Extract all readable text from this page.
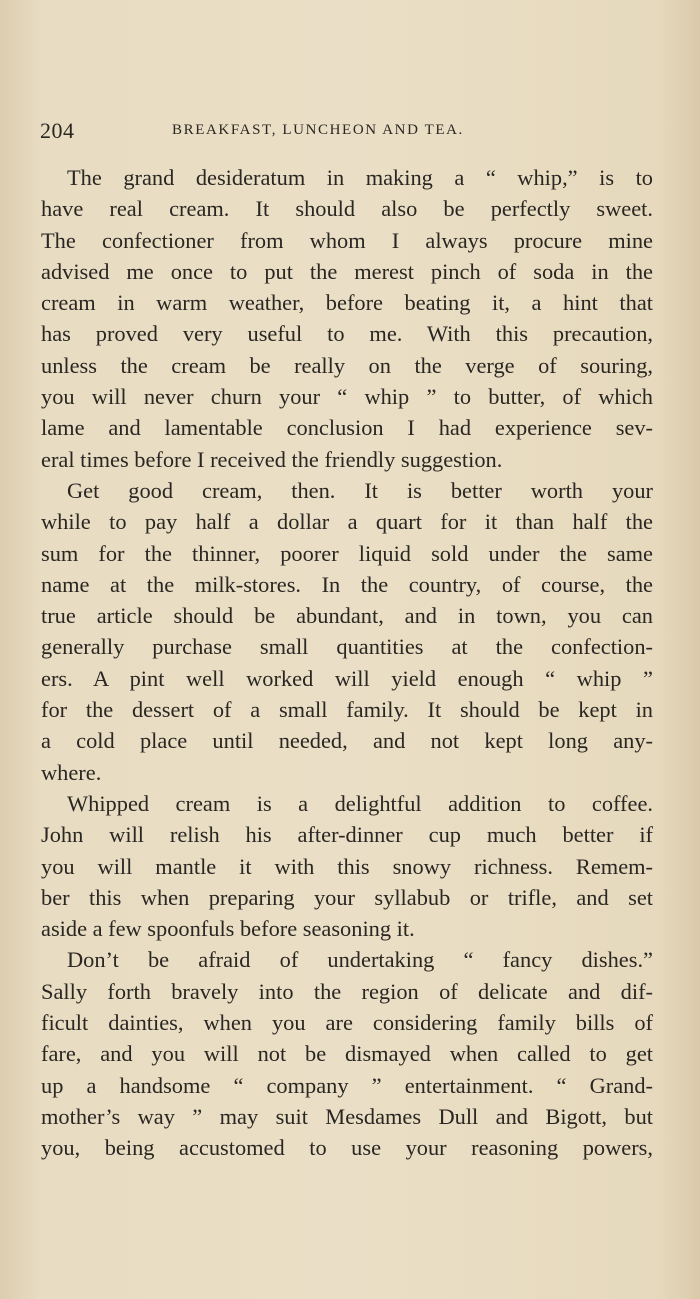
204	BREAKFAST, LUNCHEON AND TEA.
The grand desideratum in making a “ whip,” is to
have real cream. It should also be perfectly sweet.
The confectioner from whom I always procure mine
advised me once to put the merest pinch of soda in the
cream in warm weather, before beating it, a hint that
has proved very useful to me. With this precaution,
unless the cream be really on the verge of souring,
you will never churn your “ whip ” to butter, of which
lame and lamentable conclusion I had experience sev-
eral times before I received the friendly suggestion.
Get good cream, then. It is better worth your
while to pay half a dollar a quart for it than half the
sum for the thinner, poorer liquid sold under the same
name at the milk-stores. In the country, of course, the
true article should be abundant, and in town, you can
generally purchase small quantities at the confection-
ers. A pint well worked will yield enough “ whip ”
for the dessert of a small family. It should be kept in
a cold place until needed, and not kept long any-
where.
Whipped cream is a delightful addition to coffee.
John will relish his after-dinner cup much better if
you will mantle it with this snowy richness. Remem-
ber this when preparing your syllabub or trifle, and set
aside a few spoonfuls before seasoning it.
Don’t be afraid of undertaking “ fancy dishes.”
Sally forth bravely into the region of delicate and dif-
ficult dainties, when you are considering family bills of
fare, and you will not be dismayed when called to get
up a handsome “ company ” entertainment. “ Grand-
mother’s way ” may suit Mesdames Dull and Bigott, but
you, being accustomed to use your reasoning powers,
